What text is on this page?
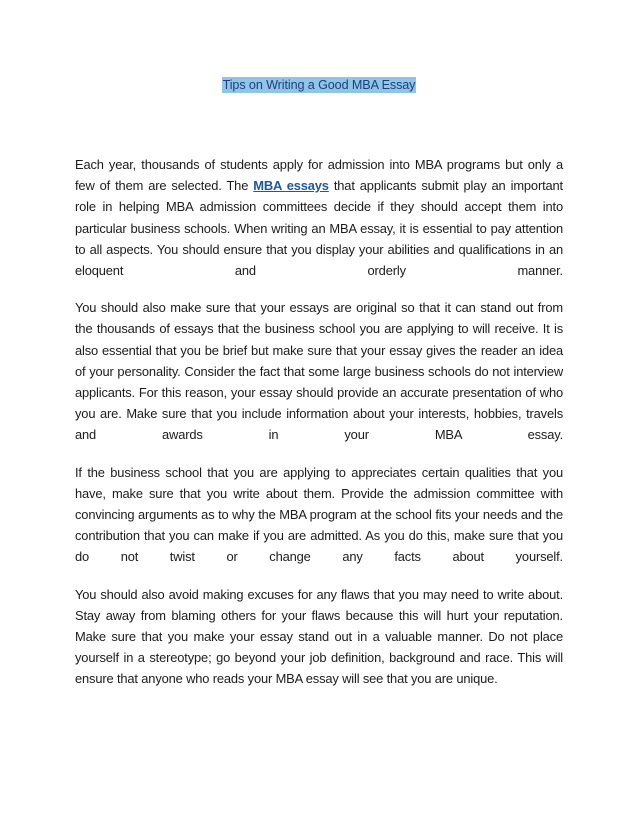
Tips on Writing a Good MBA Essay

Each year, thousands of students apply for admission into MBA programs but only a few of them are selected. The MBA essays that applicants submit play an important role in helping MBA admission committees decide if they should accept them into particular business schools. When writing an MBA essay, it is essential to pay attention to all aspects. You should ensure that you display your abilities and qualifications in an eloquent and orderly manner.

You should also make sure that your essays are original so that it can stand out from the thousands of essays that the business school you are applying to will receive. It is also essential that you be brief but make sure that your essay gives the reader an idea of your personality. Consider the fact that some large business schools do not interview applicants. For this reason, your essay should provide an accurate presentation of who you are. Make sure that you include information about your interests, hobbies, travels and awards in your MBA essay.

If the business school that you are applying to appreciates certain qualities that you have, make sure that you write about them. Provide the admission committee with convincing arguments as to why the MBA program at the school fits your needs and the contribution that you can make if you are admitted. As you do this, make sure that you do not twist or change any facts about yourself.

You should also avoid making excuses for any flaws that you may need to write about. Stay away from blaming others for your flaws because this will hurt your reputation. Make sure that you make your essay stand out in a valuable manner. Do not place yourself in a stereotype; go beyond your job definition, background and race. This will ensure that anyone who reads your MBA essay will see that you are unique.
